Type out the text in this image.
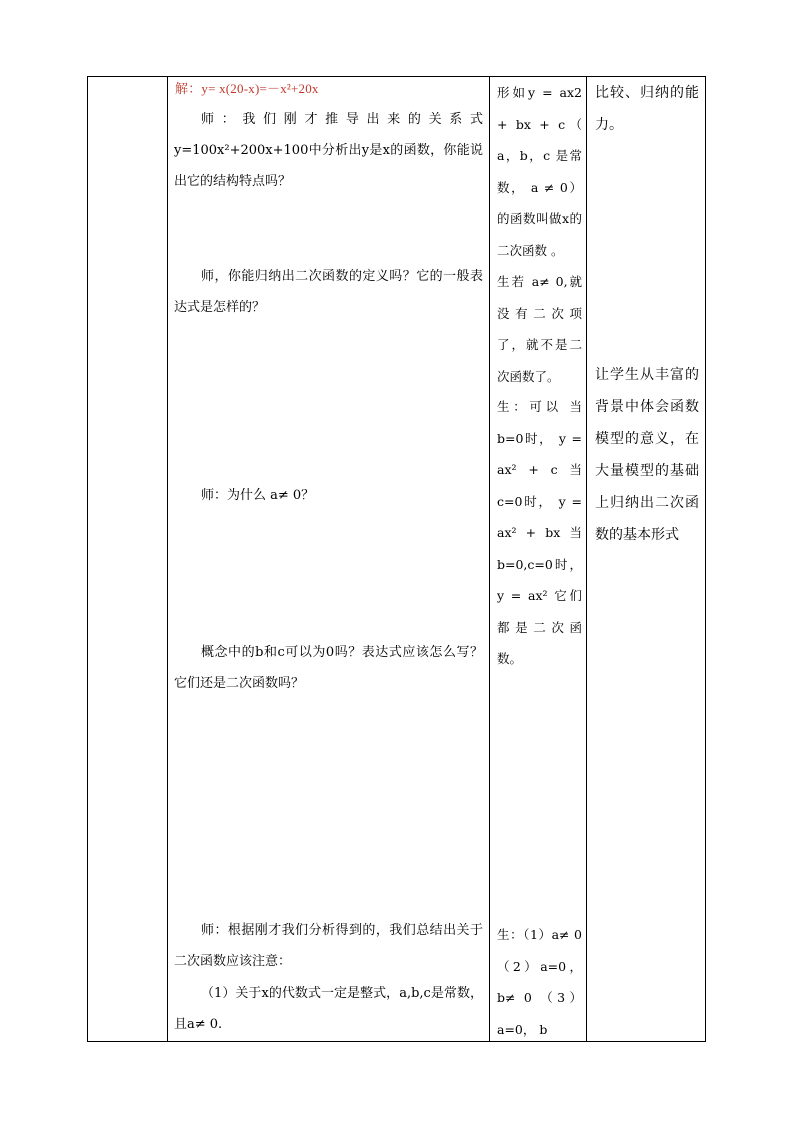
解：y= x(20-x)=－x²+20x
师：我们刚才推导出来的关系式y=100x²+200x+100中分析出y是x的函数，你能说出它的结构特点吗？
师，你能归纳出二次函数的定义吗？它的一般表达式是怎样的？
师：为什么 a≠ 0？
概念中的b和c可以为0吗？表达式应该怎么写？它们还是二次函数吗？
师：根据刚才我们分析得到的，我们总结出关于二次函数应该注意：
（1）关于x的代数式一定是整式，a,b,c是常数，且a≠ 0.
形如y = ax2 + bx + c（ a，b，c 是常数， a ≠ 0）的函数叫做x的二次函数 。
生若 a≠ 0,就没有二次项了，就不是二次函数了。
生：可以 当b=0时， y = ax² + c 当c=0时， y = ax² + bx 当b=0,c=0时，y = ax² 它们都是二次函数。
生：（1）a≠ 0 （2）a=0， b≠ 0 （3） a=0， b
比较、归纳的能力。
让学生从丰富的背景中体会函数模型的意义，在大量模型的基础上归纳出二次函数的基本形式
